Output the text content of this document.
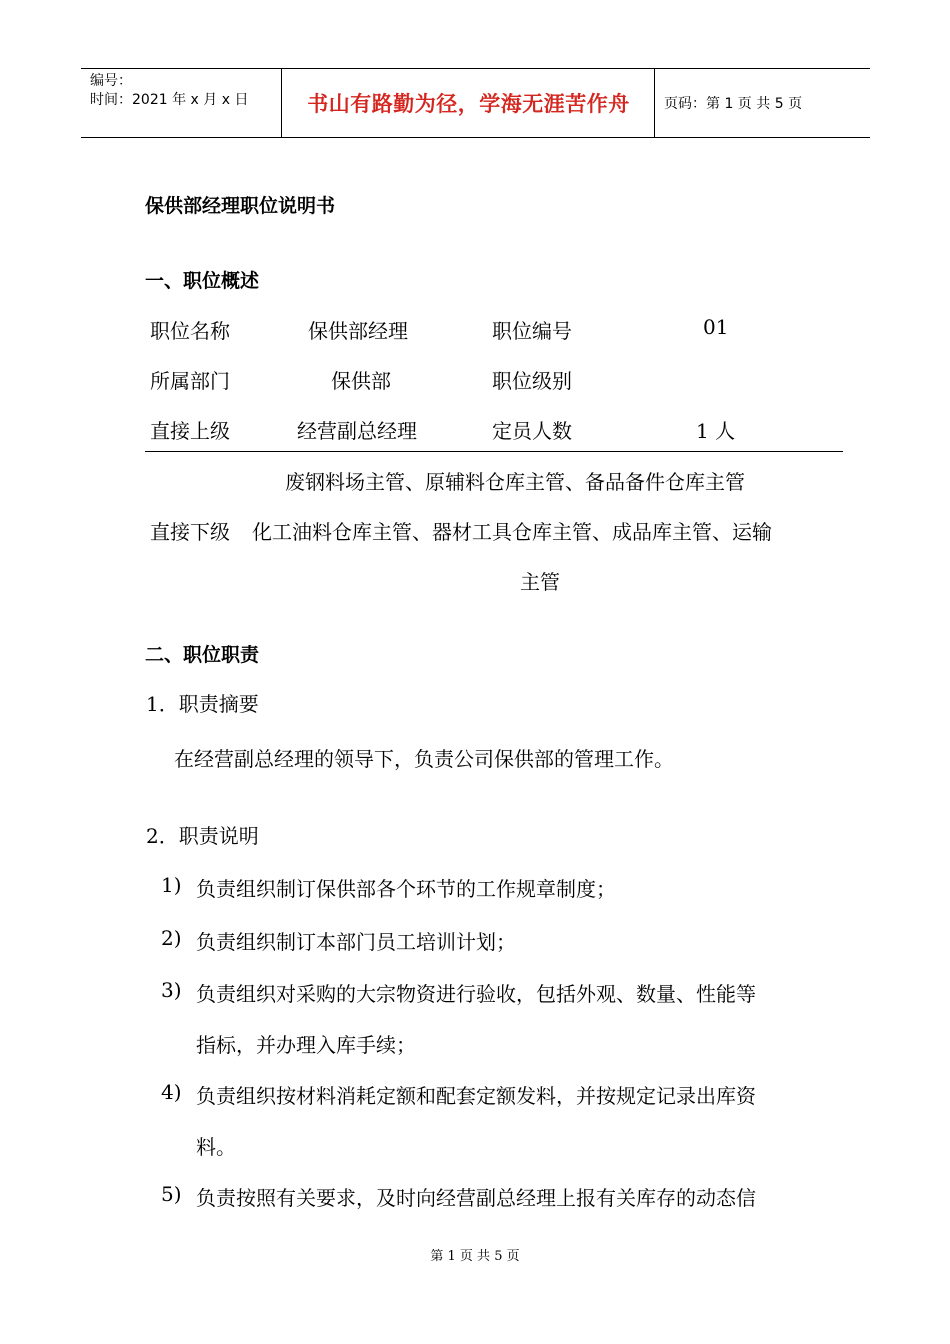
编号：
时间：2021 年 x 月 x 日	书山有路勤为径，学海无涯苦作舟	页码：第 1 页 共 5 页
保供部经理职位说明书
一、职位概述
职位名称	保供部经理	职位编号	01
所属部门	保供部	职位级别
直接上级	经营副总经理	定员人数	1 人
废钢料场主管、原辅料仓库主管、备品备件仓库主管
直接下级 化工油料仓库主管、器材工具仓库主管、成品库主管、运输
主管
二、职位职责
1．职责摘要
在经营副总经理的领导下，负责公司保供部的管理工作。
2．职责说明
1) 负责组织制订保供部各个环节的工作规章制度；
2) 负责组织制订本部门员工培训计划；
3) 负责组织对采购的大宗物资进行验收，包括外观、数量、性能等
指标，并办理入库手续；
4) 负责组织按材料消耗定额和配套定额发料，并按规定记录出库资
料。
5) 负责按照有关要求，及时向经营副总经理上报有关库存的动态信
第 1 页 共 5 页
